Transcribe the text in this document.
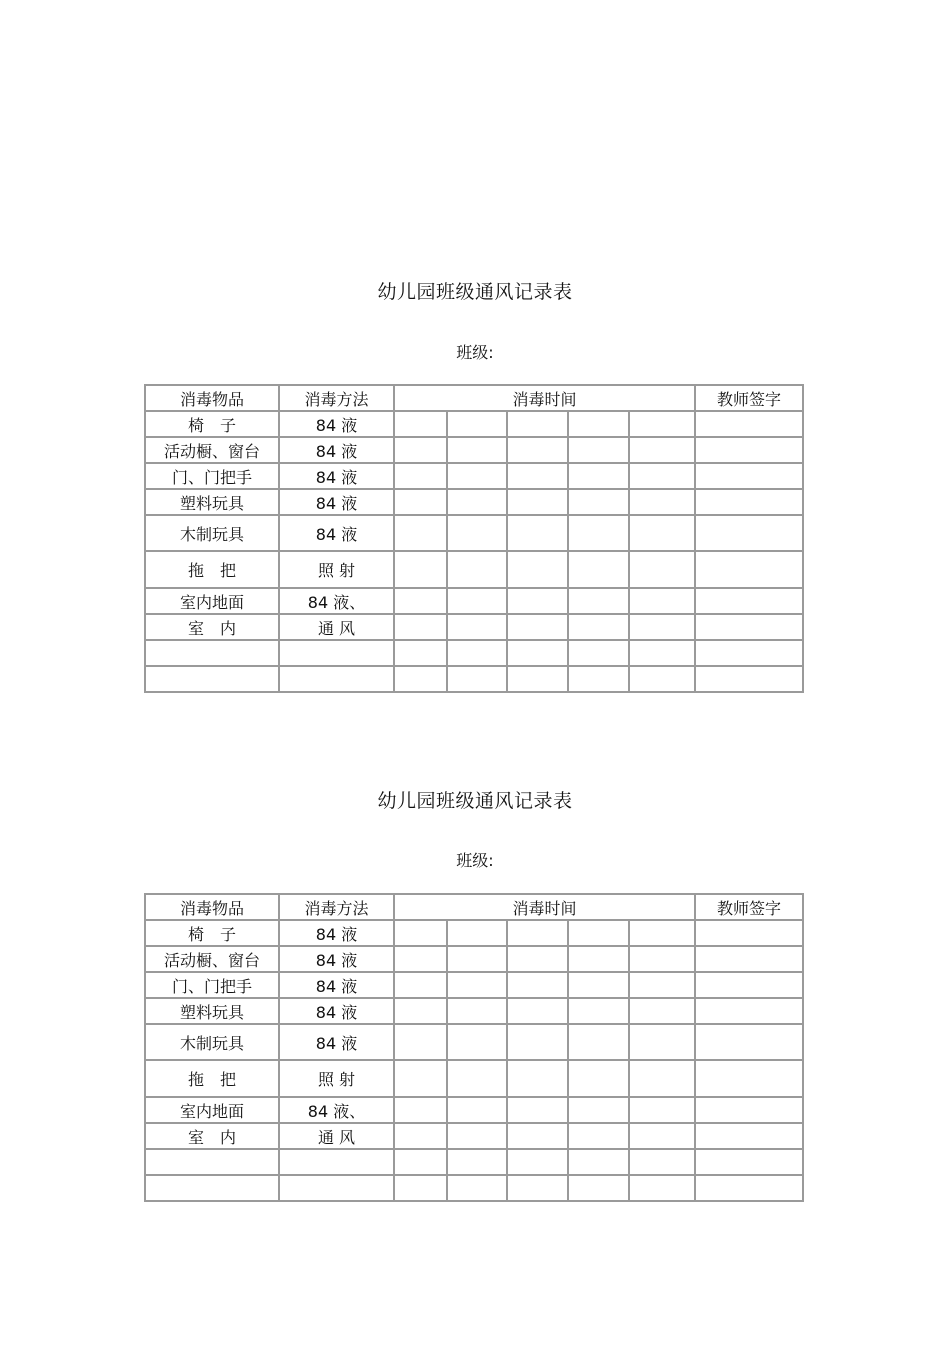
幼儿园班级通风记录表
班级:
消毒物品	消毒方法	消毒时间					教师签字
椅　子	84 液						
活动橱、窗台	84 液						
门、门把手	84 液						
塑料玩具	84 液						
木制玩具	84 液						
拖　把	照 射						
室内地面	84 液、						
室　内	通 风						

幼儿园班级通风记录表
班级:
消毒物品	消毒方法	消毒时间					教师签字
椅　子	84 液						
活动橱、窗台	84 液						
门、门把手	84 液						
塑料玩具	84 液						
木制玩具	84 液						
拖　把	照 射						
室内地面	84 液、						
室　内	通 风						
